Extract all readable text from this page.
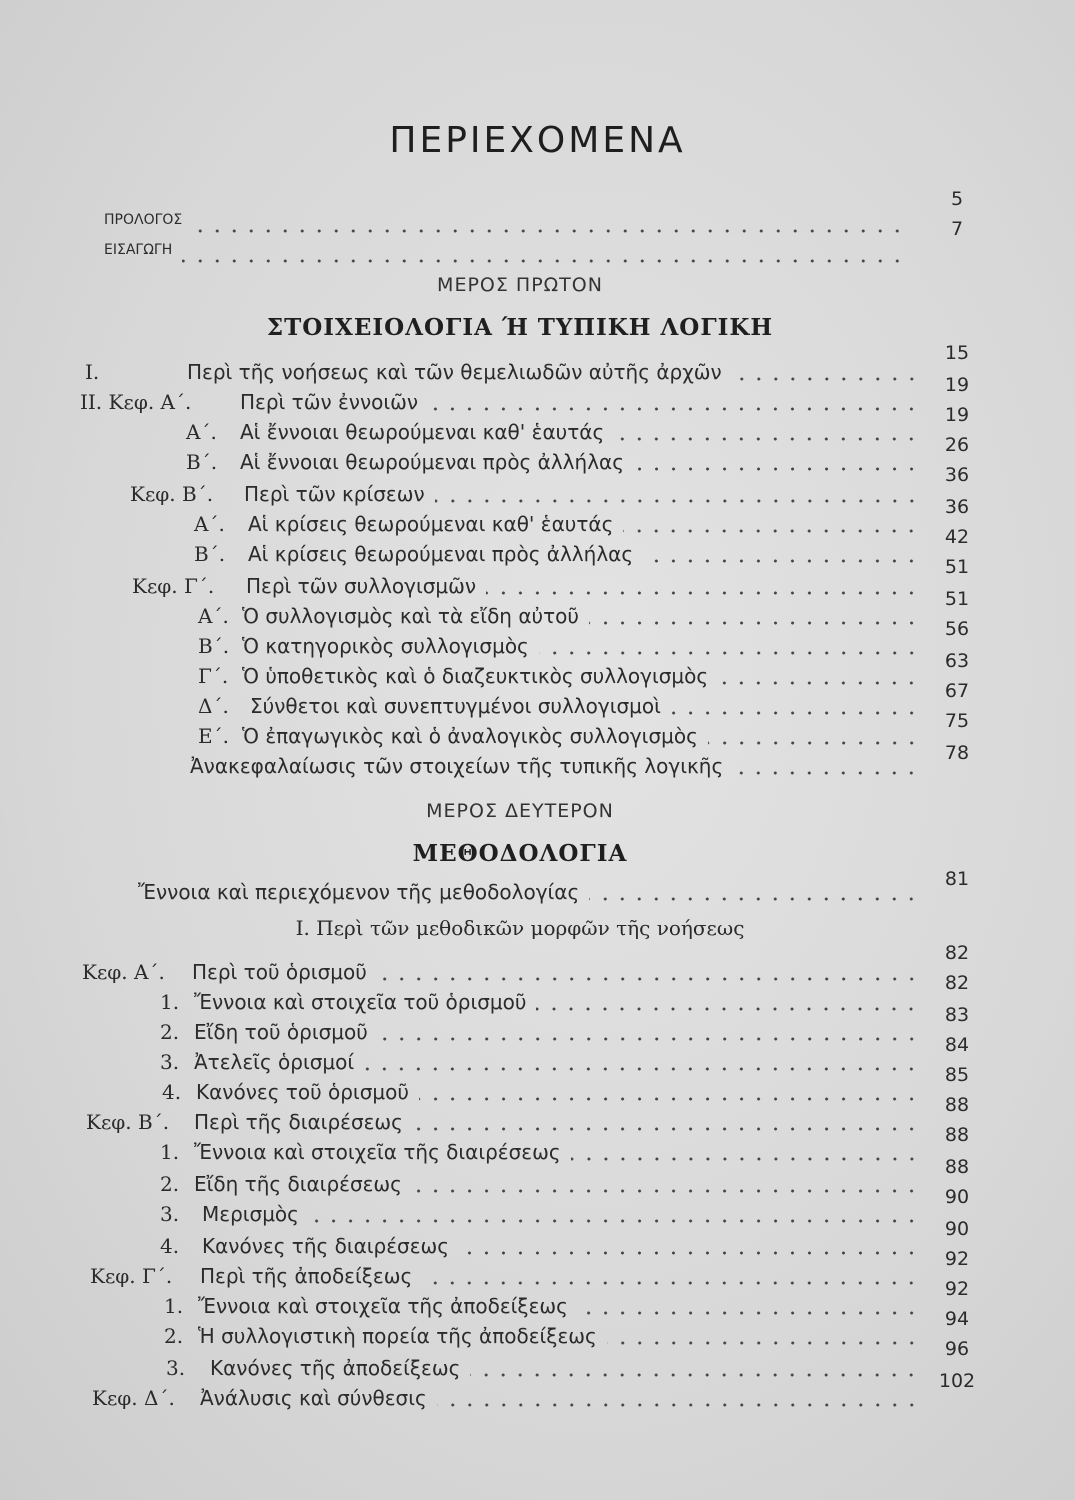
ΠΕΡΙΕΧΟΜΕΝΑ
ΠΡΟΛΟΓΟΣ
5
ΕΙΣΑΓΩΓΗ
7
ΜΕΡΟΣ ΠΡΩΤΟΝ
ΣΤΟΙΧΕΙΟΛΟΓΙΑ Ή ΤΥΠΙΚΗ ΛΟΓΙΚΗ
I.	Περὶ τῆς νοήσεως καὶ τῶν θεμελιωδῶν αὐτῆς ἀρχῶν
15
II. Κεφ. Α΄.	Περὶ τῶν ἐννοιῶν
19
Α΄.	Αἱ ἔννοιαι θεωρούμεναι καθ' ἑαυτάς
19
Β΄.	Αἱ ἔννοιαι θεωρούμεναι πρὸς ἀλλήλας
26
Κεφ. Β΄.	Περὶ τῶν κρίσεων
36
Α΄.	Αἱ κρίσεις θεωρούμεναι καθ' ἑαυτάς
36
Β΄.	Αἱ κρίσεις θεωρούμεναι πρὸς ἀλλήλας
42
Κεφ. Γ΄.	Περὶ τῶν συλλογισμῶν
51
Α΄. Ὁ συλλογισμὸς καὶ τὰ εἴδη αὐτοῦ
51
Β΄. Ὁ κατηγορικὸς συλλογισμὸς
56
Γ΄. Ὁ ὑποθετικὸς καὶ ὁ διαζευκτικὸς συλλογισμὸς
63
Δ΄.	Σύνθετοι καὶ συνεπτυγμένοι συλλογισμοὶ
67
Ε΄. Ὁ ἐπαγωγικὸς καὶ ὁ ἀναλογικὸς συλλογισμὸς
75
Ἀνακεφαλαίωσις τῶν στοιχείων τῆς τυπικῆς λογικῆς
78
ΜΕΡΟΣ ΔΕΥΤΕΡΟΝ
ΜΕΘΟΔΟΛΟΓΙΑ
Ἔννοια καὶ περιεχόμενον τῆς μεθοδολογίας
81
I. Περὶ τῶν μεθοδικῶν μορφῶν τῆς νοήσεως
Κεφ. Α΄.	Περὶ τοῦ ὁρισμοῦ
82
1. Ἔννοια καὶ στοιχεῖα τοῦ ὁρισμοῦ
82
2. Εἴδη τοῦ ὁρισμοῦ
83
3. Ἀτελεῖς ὁρισμοί
84
4. Κανόνες τοῦ ὁρισμοῦ
85
Κεφ. Β΄.	Περὶ τῆς διαιρέσεως
88
1. Ἔννοια καὶ στοιχεῖα τῆς διαιρέσεως
88
2. Εἴδη τῆς διαιρέσεως
88
3.	Μερισμὸς
90
4.	Κανόνες τῆς διαιρέσεως
90
Κεφ. Γ΄.	Περὶ τῆς ἀποδείξεως
92
1. Ἔννοια καὶ στοιχεῖα τῆς ἀποδείξεως
92
2. Ἡ συλλογιστικὴ πορεία τῆς ἀποδείξεως
94
3.	Κανόνες τῆς ἀποδείξεως
96
Κεφ. Δ΄.	Ἀνάλυσις καὶ σύνθεσις
102
